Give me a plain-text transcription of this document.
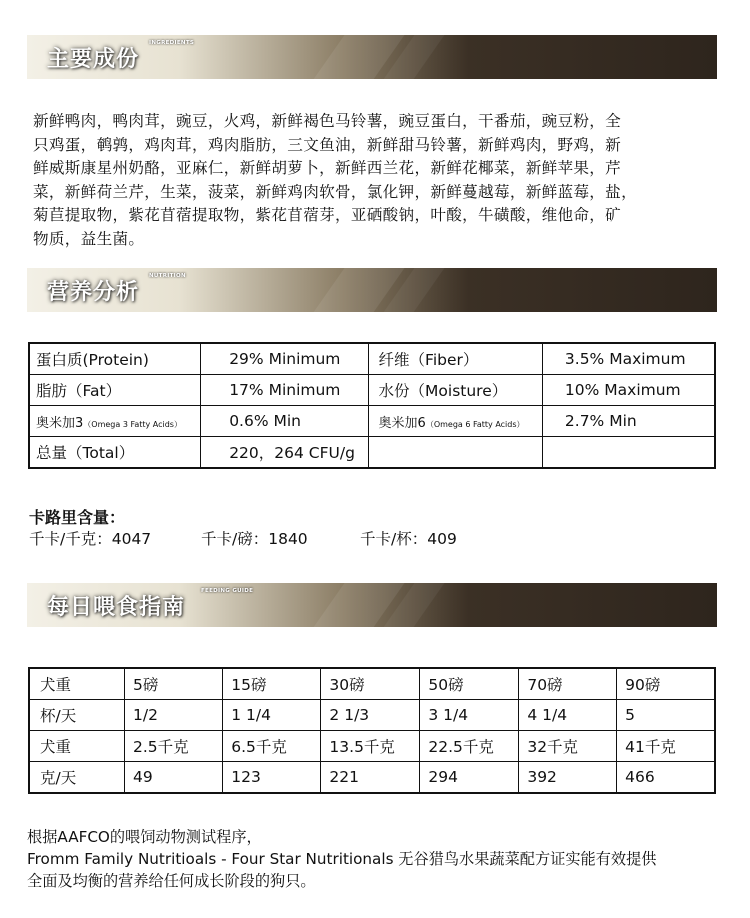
主要成份
INGREDIENTS
新鲜鸭肉，鸭肉茸，豌豆，火鸡，新鲜褐色马铃薯，豌豆蛋白，干番茄，豌豆粉，全
只鸡蛋，鹌鹑，鸡肉茸，鸡肉脂肪，三文鱼油，新鲜甜马铃薯，新鲜鸡肉，野鸡，新
鲜威斯康星州奶酪，亚麻仁，新鲜胡萝卜，新鲜西兰花，新鲜花椰菜，新鲜苹果，芹
菜，新鲜荷兰芹，生菜，菠菜，新鲜鸡肉软骨，氯化钾，新鲜蔓越莓，新鲜蓝莓，盐，
菊苣提取物，紫花苜蓿提取物，紫花苜蓿芽，亚硒酸钠，叶酸，牛磺酸，维他命，矿
物质，益生菌。
营养分析
NUTRITION
蛋白质(Protein)	29% Minimum	纤维（Fiber）	3.5% Maximum
脂肪（Fat）	17% Minimum	水份（Moisture）	10% Maximum
奥米加3（Omega 3 Fatty Acids）	0.6% Min	奥米加6（Omega 6 Fatty Acids）	2.7% Min
总量（Total）	220，264 CFU/g		
卡路里含量：
千卡/千克：4047	千卡/磅：1840	千卡/杯：409
每日喂食指南
FEEDING GUIDE
犬重	5磅	15磅	30磅	50磅	70磅	90磅
杯/天	1/2	1 1/4	2 1/3	3 1/4	4 1/4	5
犬重	2.5千克	6.5千克	13.5千克	22.5千克	32千克	41千克
克/天	49	123	221	294	392	466
根据AAFCO的喂饲动物测试程序，
Fromm Family Nutritioals - Four Star Nutritionals 无谷猎鸟水果蔬菜配方证实能有效提供
全面及均衡的营养给任何成长阶段的狗只。
